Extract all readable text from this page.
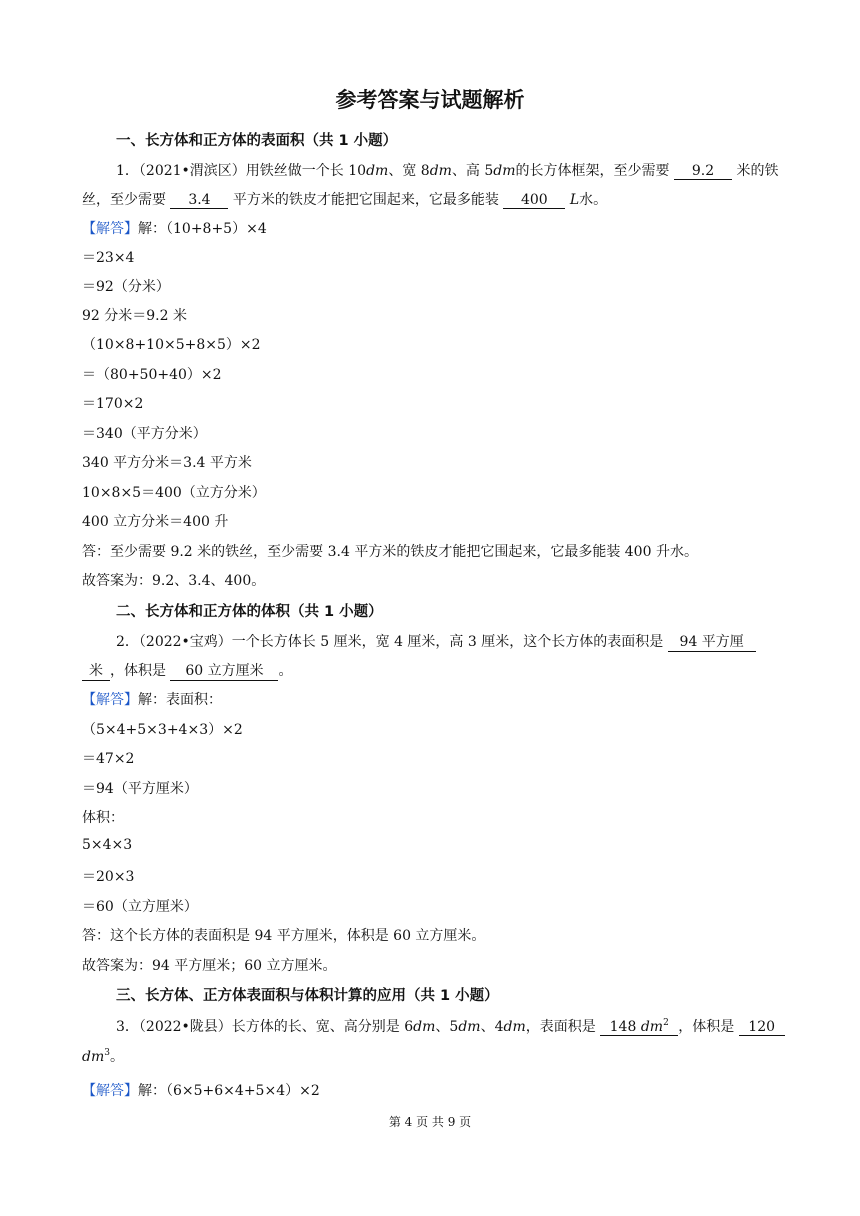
参考答案与试题解析
一、长方体和正方体的表面积（共 1 小题）
1．（2021•渭滨区）用铁丝做一个长 10dm、宽 8dm、高 5dm的长方体框架，至少需要 9.2 米的铁
丝，至少需要 3.4 平方米的铁皮才能把它围起来，它最多能装 400 L水。
【解答】解：（10+8+5）×4
＝23×4
＝92（分米）
92 分米＝9.2 米
（10×8+10×5+8×5）×2
＝（80+50+40）×2
＝170×2
＝340（平方分米）
340 平方分米＝3.4 平方米
10×8×5＝400（立方分米）
400 立方分米＝400 升
答：至少需要 9.2 米的铁丝，至少需要 3.4 平方米的铁皮才能把它围起来，它最多能装 400 升水。
故答案为：9.2、3.4、400。
二、长方体和正方体的体积（共 1 小题）
2．（2022•宝鸡）一个长方体长 5 厘米，宽 4 厘米，高 3 厘米，这个长方体的表面积是 94 平方厘
米 ，体积是 60 立方厘米 。
【解答】解：表面积：
（5×4+5×3+4×3）×2
＝47×2
＝94（平方厘米）
体积：
5×4×3
＝20×3
＝60（立方厘米）
答：这个长方体的表面积是 94 平方厘米，体积是 60 立方厘米。
故答案为：94 平方厘米；60 立方厘米。
三、长方体、正方体表面积与体积计算的应用（共 1 小题）
3．（2022•陇县）长方体的长、宽、高分别是 6dm、5dm、4dm，表面积是 148 $dm^2$ ，体积是 120
$dm^3$。
【解答】解：（6×5+6×4+5×4）×2
第 4 页 共 9 页
